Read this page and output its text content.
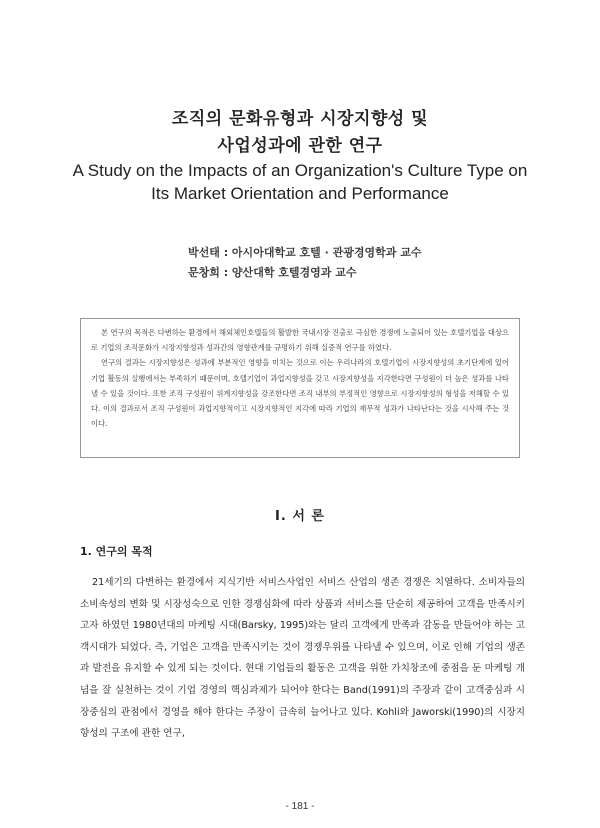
조직의 문화유형과 시장지향성 및
사업성과에 관한 연구
A Study on the Impacts of an Organization's Culture Type on
Its Market Orientation and Performance
박선태 : 아시아대학교 호텔 · 관광경영학과 교수
문창희 : 양산대학 호텔경영과 교수

본 연구의 목적은 다변하는 환경에서 해외체인호텔들의 활발한 국내시장 진출로 극심한 경쟁에 노출되어 있는 호텔기업을 대상으로 기업의 조직문화가 시장지향성과 성과간의 영향관계를 규명하기 위해 실증적 연구를 하였다.

연구의 결과는 시장지향성은 성과에 부분적인 영향을 미치는 것으로 이는 우리나라의 호텔기업이 시장지향성의 초기단계에 있어 기업 활동의 실행에서는 부족하기 때문이며, 호텔기업이 과업지향성을 갖고 시장지향성을 지각한다면 구성원이 더 높은 성과를 나타낼 수 있을 것이다. 또한 조직 구성원이 위계지향성을 강조한다면 조직 내부의 부정적인 영향으로 시장지향성의 형성을 저해할 수 있다. 이의 결과로서 조직 구성원이 과업지향적이고 시장지향적인 지각에 따라 기업의 재무적 성과가 나타난다는 것을 시사해 주는 것이다.

I. 서 론
1. 연구의 목적

21세기의 다변하는 환경에서 지식기반 서비스사업인 서비스 산업의 생존 경쟁은 치열하다. 소비자들의 소비속성의 변화 및 시장성숙으로 인한 경쟁심화에 따라 상품과 서비스를 단순히 제공하여 고객을 만족시키고자 하였던 1980년대의 마케팅 시대(Barsky, 1995)와는 달리 고객에게 만족과 감동을 만들어야 하는 고객시대가 되었다. 즉, 기업은 고객을 만족시키는 것이 경쟁우위를 나타낼 수 있으며, 이로 인해 기업의 생존과 발전을 유지할 수 있게 되는 것이다. 현대 기업들의 활동은 고객을 위한 가치창조에 중점을 둔 마케팅 개념을 잘 실천하는 것이 기업 경영의 핵심과제가 되어야 한다는 Band(1991)의 주장과 같이 고객중심과 시장중심의 관점에서 경영을 해야 한다는 주장이 급속히 늘어나고 있다. Kohli와 Jaworski(1990)의 시장지향성의 구조에 관한 연구,

- 181 -
